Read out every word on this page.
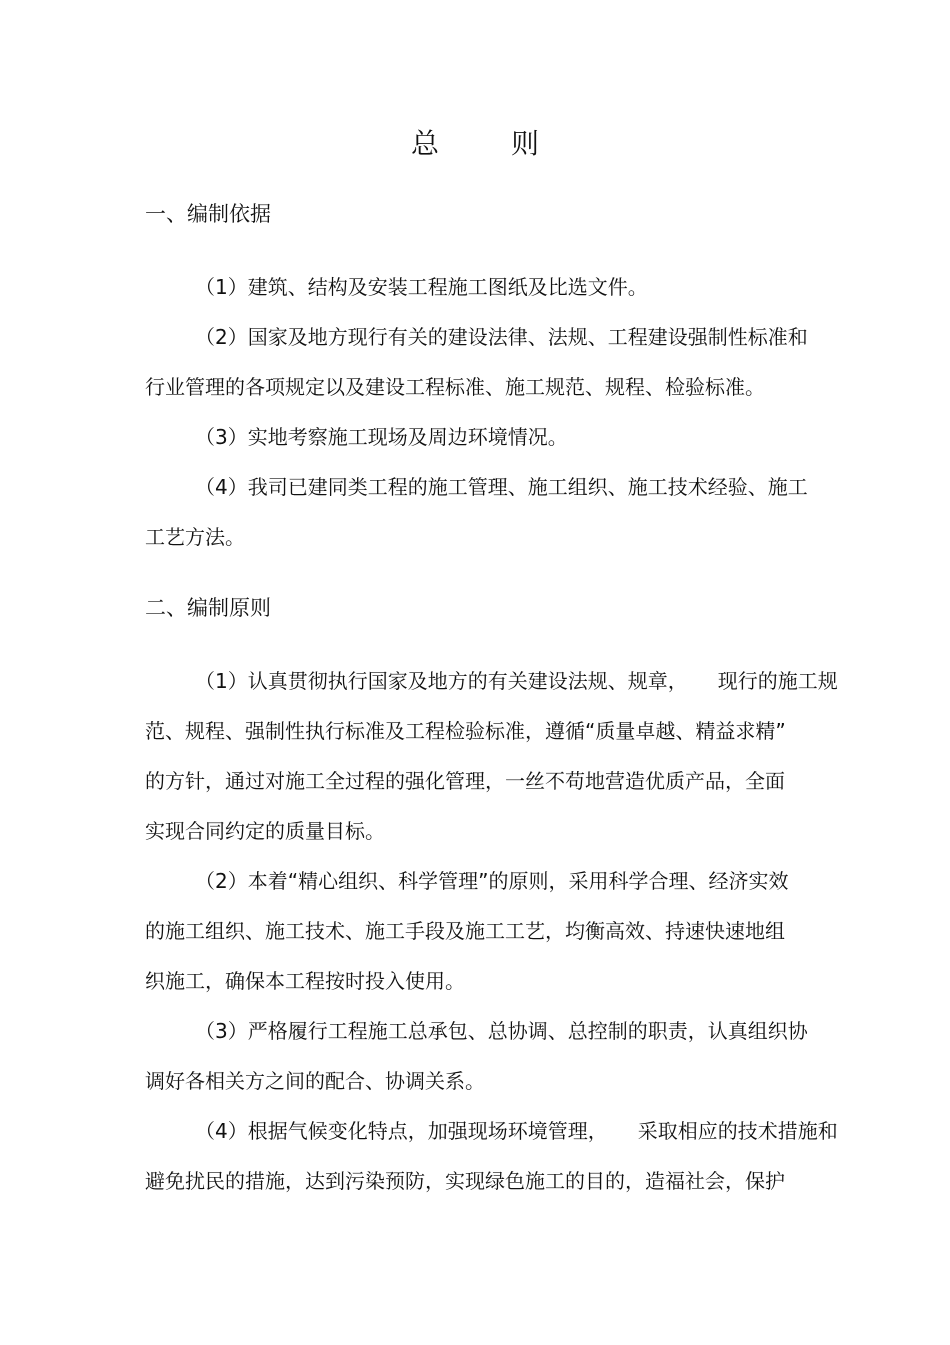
总	则
一、编制依据
（1）建筑、结构及安装工程施工图纸及比选文件。
（2）国家及地方现行有关的建设法律、法规、工程建设强制性标准和
行业管理的各项规定以及建设工程标准、施工规范、规程、检验标准。
（3）实地考察施工现场及周边环境情况。
（4）我司已建同类工程的施工管理、施工组织、施工技术经验、施工
工艺方法。
二、编制原则
（1）认真贯彻执行国家及地方的有关建设法规、规章，　　现行的施工规
范、规程、强制性执行标准及工程检验标准，遵循“质量卓越、精益求精”
的方针，通过对施工全过程的强化管理，一丝不苟地营造优质产品，全面
实现合同约定的质量目标。
（2）本着“精心组织、科学管理”的原则，采用科学合理、经济实效
的施工组织、施工技术、施工手段及施工工艺，均衡高效、持速快速地组
织施工，确保本工程按时投入使用。
（3）严格履行工程施工总承包、总协调、总控制的职责，认真组织协
调好各相关方之间的配合、协调关系。
（4）根据气候变化特点，加强现场环境管理，　　采取相应的技术措施和
避免扰民的措施，达到污染预防，实现绿色施工的目的，造福社会，保护
